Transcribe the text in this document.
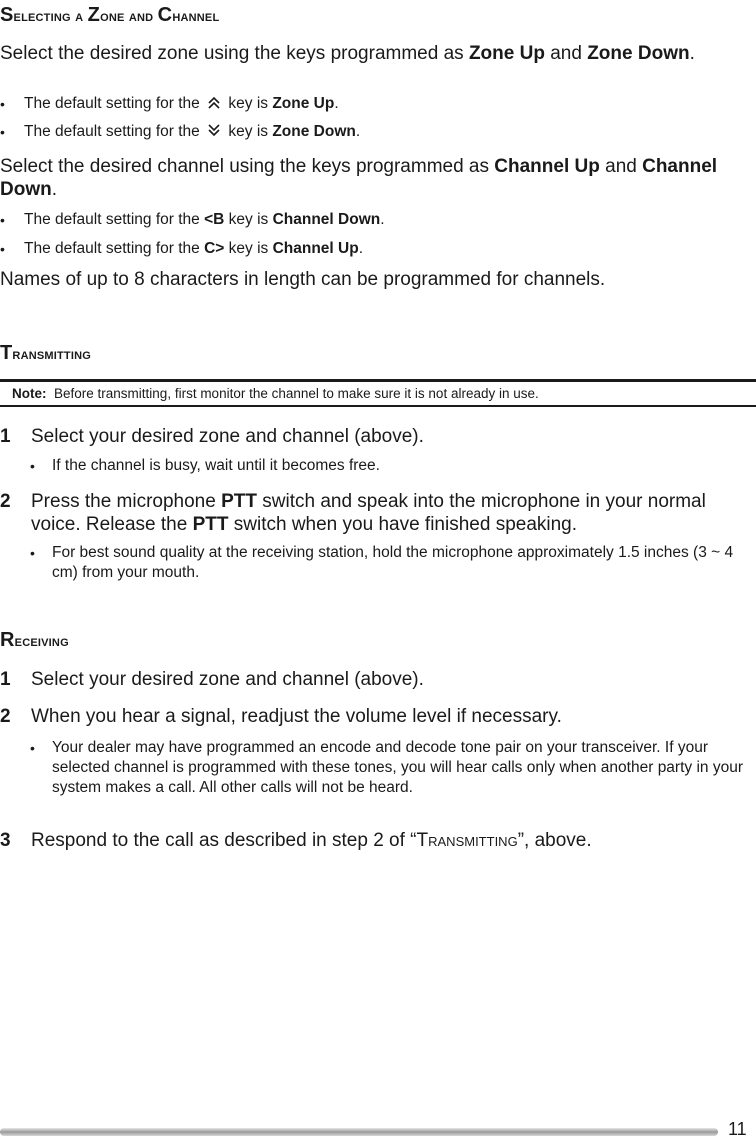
Selecting a Zone and Channel

Select the desired zone using the keys programmed as Zone Up and Zone Down.

• The default setting for the  key is Zone Up.

• The default setting for the  key is Zone Down.

Select the desired channel using the keys programmed as Channel Up and Channel Down.

• The default setting for the <B key is Channel Down.

• The default setting for the C> key is Channel Up.

Names of up to 8 characters in length can be programmed for channels.

Transmitting

Note: Before transmitting, first monitor the channel to make sure it is not already in use.

1	Select your desired zone and channel (above).

• If the channel is busy, wait until it becomes free.

2	Press the microphone PTT switch and speak into the microphone in your normal voice. Release the PTT switch when you have finished speaking.

• For best sound quality at the receiving station, hold the microphone approximately 1.5 inches (3 ~ 4 cm) from your mouth.

Receiving
1	Select your desired zone and channel (above).
2	When you hear a signal, readjust the volume level if necessary.

• Your dealer may have programmed an encode and decode tone pair on your transceiver. If your selected channel is programmed with these tones, you will hear calls only when another party in your system makes a call. All other calls will not be heard.

3	Respond to the call as described in step 2 of “Transmitting”, above.

11
